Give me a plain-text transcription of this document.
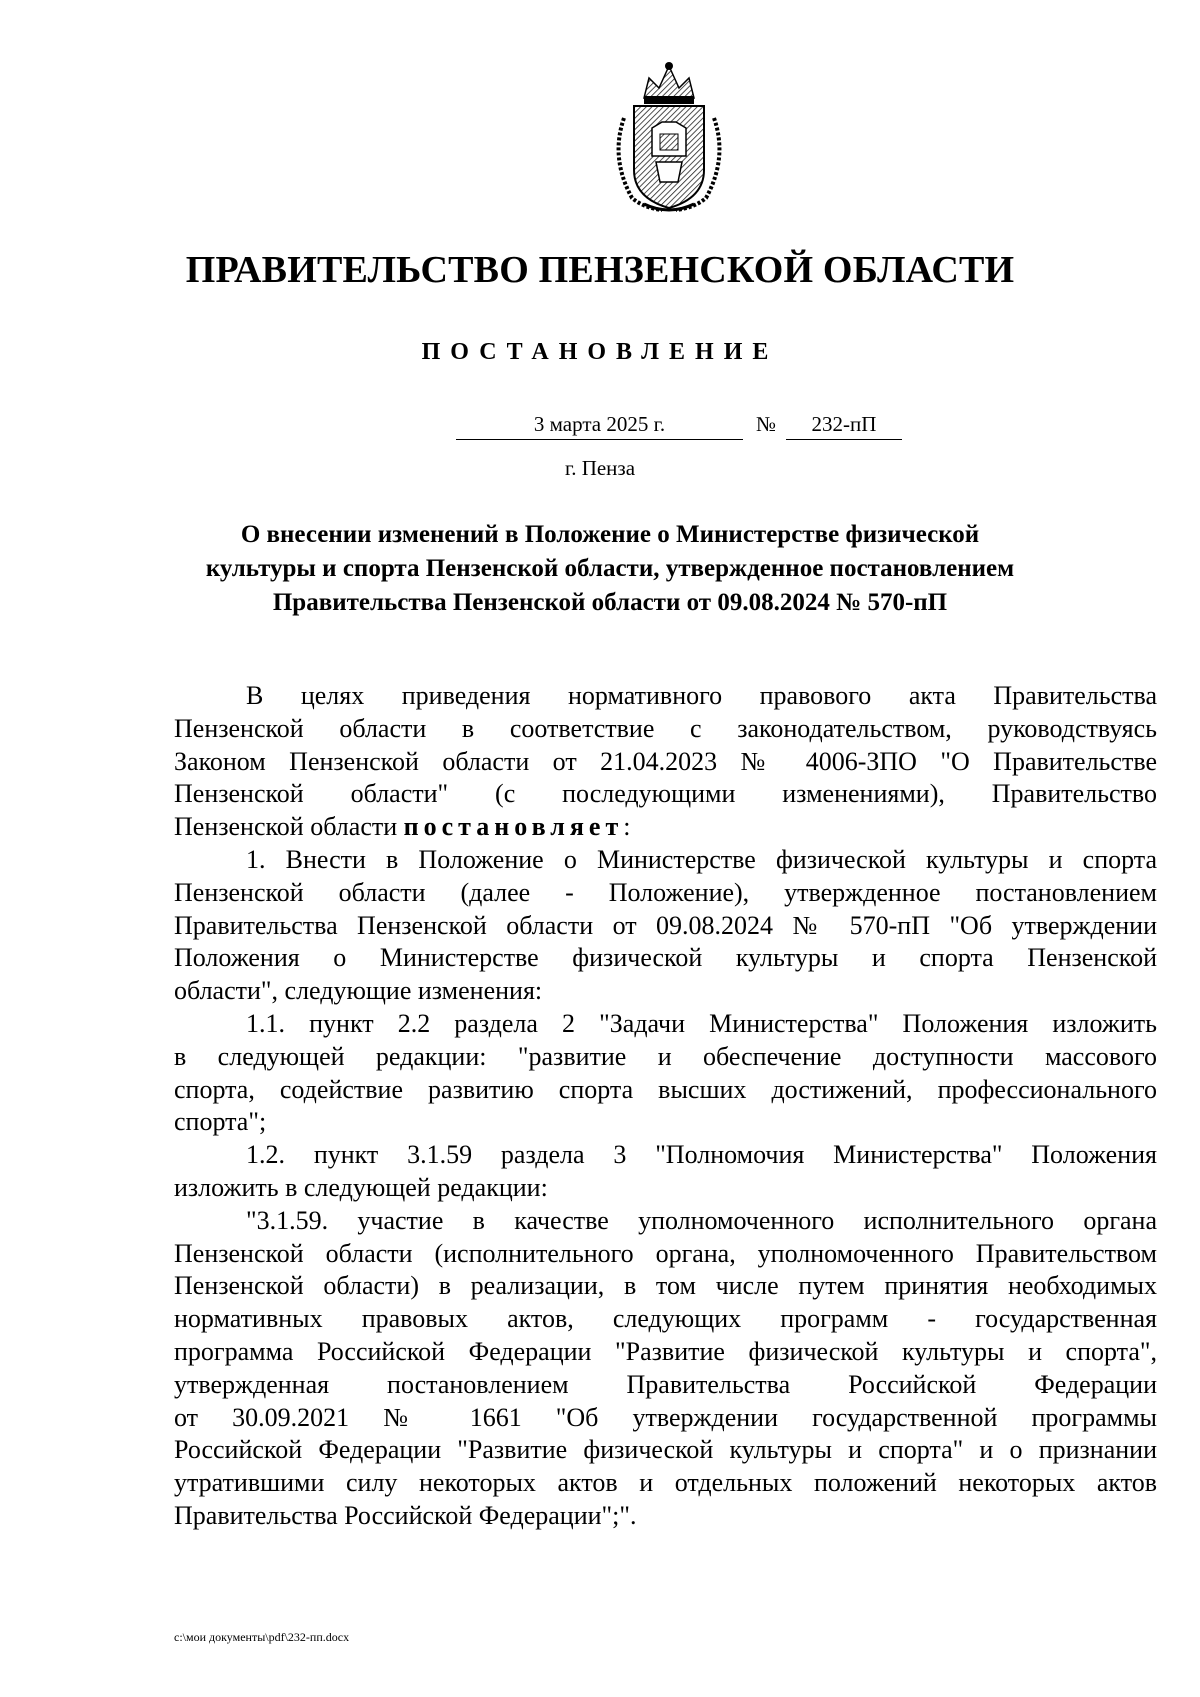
ПРАВИТЕЛЬСТВО ПЕНЗЕНСКОЙ ОБЛАСТИ
ПОСТАНОВЛЕНИЕ
3 марта 2025 г.	№	232-пП
г. Пенза
О внесении изменений в Положение о Министерстве физической
культуры и спорта Пензенской области, утвержденное постановлением
Правительства Пензенской области от 09.08.2024 № 570-пП
В целях приведения нормативного правового акта Правительства
Пензенской области в соответствие с законодательством, руководствуясь
Законом Пензенской области от 21.04.2023 № 4006-ЗПО "О Правительстве
Пензенской области" (с последующими изменениями), Правительство
Пензенской области постановляет:
1. Внести в Положение о Министерстве физической культуры и спорта
Пензенской области (далее - Положение), утвержденное постановлением
Правительства Пензенской области от 09.08.2024 № 570-пП "Об утверждении
Положения о Министерстве физической культуры и спорта Пензенской
области", следующие изменения:
1.1. пункт 2.2 раздела 2 "Задачи Министерства" Положения изложить
в следующей редакции: "развитие и обеспечение доступности массового
спорта, содействие развитию спорта высших достижений, профессионального
спорта";
1.2. пункт 3.1.59 раздела 3 "Полномочия Министерства" Положения
изложить в следующей редакции:
"3.1.59. участие в качестве уполномоченного исполнительного органа
Пензенской области (исполнительного органа, уполномоченного Правительством
Пензенской области) в реализации, в том числе путем принятия необходимых
нормативных правовых актов, следующих программ - государственная
программа Российской Федерации "Развитие физической культуры и спорта",
утвержденная постановлением Правительства Российской Федерации
от 30.09.2021 № 1661 "Об утверждении государственной программы
Российской Федерации "Развитие физической культуры и спорта" и о признании
утратившими силу некоторых актов и отдельных положений некоторых актов
Правительства Российской Федерации";".
c:\мои документы\pdf\232-пп.docx
